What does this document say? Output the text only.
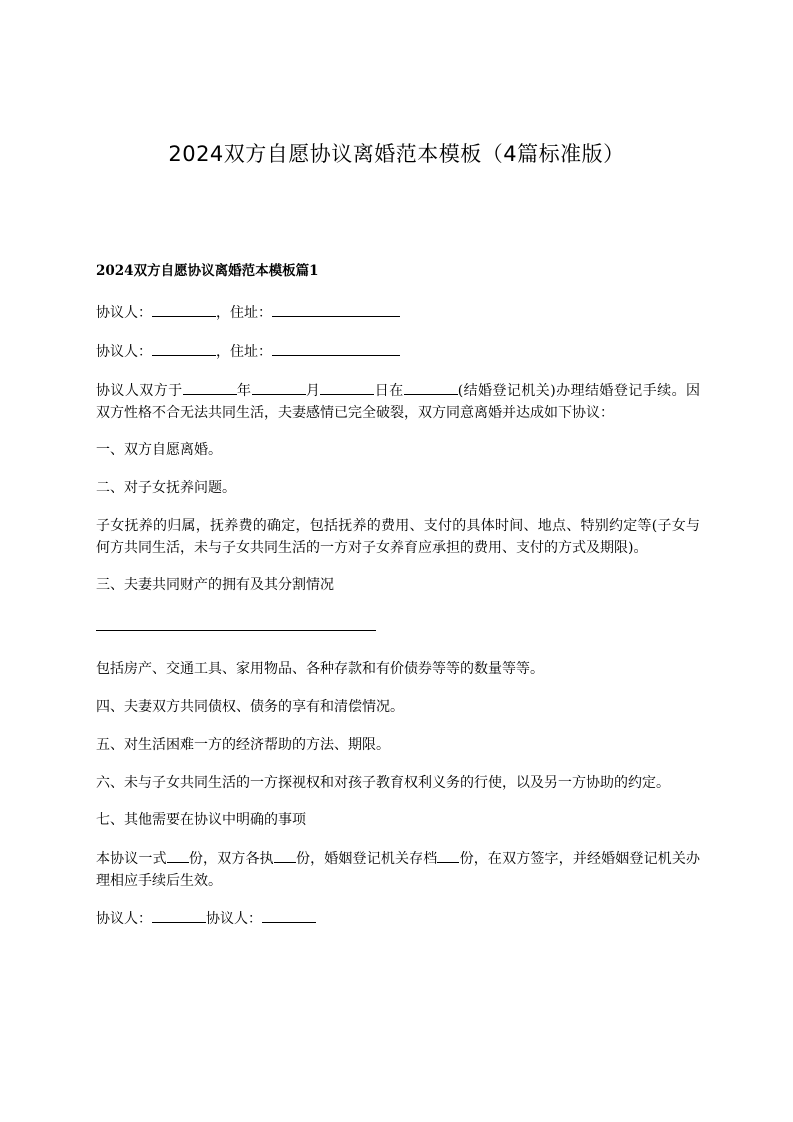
2024双方自愿协议离婚范本模板（4篇标准版）
2024双方自愿协议离婚范本模板篇1

协议人：	，住址：

协议人：	，住址：

协议人双方于	年	月	日在	(结婚登记机关)办理结婚登记手续。因双方性格不合无法共同生活，夫妻感情已完全破裂，双方同意离婚并达成如下协议：

一、双方自愿离婚。

二、对子女抚养问题。

子女抚养的归属，抚养费的确定，包括抚养的费用、支付的具体时间、地点、特别约定等(子女与何方共同生活，未与子女共同生活的一方对子女养育应承担的费用、支付的方式及期限)。

三、夫妻共同财产的拥有及其分割情况

包括房产、交通工具、家用物品、各种存款和有价债券等等的数量等等。

四、夫妻双方共同债权、债务的享有和清偿情况。

五、对生活困难一方的经济帮助的方法、期限。

六、未与子女共同生活的一方探视权和对孩子教育权利义务的行使，以及另一方协助的约定。

七、其他需要在协议中明确的事项

本协议一式 份，双方各执 份，婚姻登记机关存档 份，在双方签字，并经婚姻登记机关办理相应手续后生效。

协议人：	协议人：
